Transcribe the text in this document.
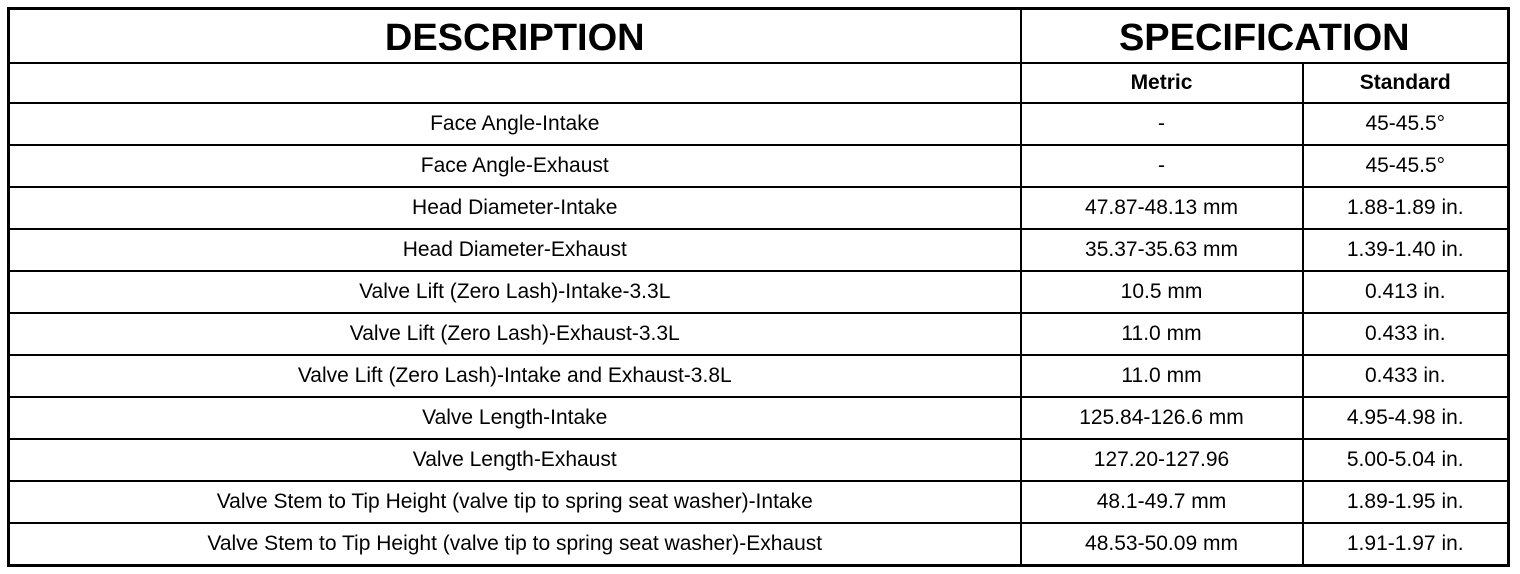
DESCRIPTION	SPECIFICATION	
	Metric	Standard
Face Angle-Intake	-	45-45.5°
Face Angle-Exhaust	-	45-45.5°
Head Diameter-Intake	47.87-48.13 mm	1.88-1.89 in.
Head Diameter-Exhaust	35.37-35.63 mm	1.39-1.40 in.
Valve Lift (Zero Lash)-Intake-3.3L	10.5 mm	0.413 in.
Valve Lift (Zero Lash)-Exhaust-3.3L	11.0 mm	0.433 in.
Valve Lift (Zero Lash)-Intake and Exhaust-3.8L	11.0 mm	0.433 in.
Valve Length-Intake	125.84-126.6 mm	4.95-4.98 in.
Valve Length-Exhaust	127.20-127.96	5.00-5.04 in.
Valve Stem to Tip Height (valve tip to spring seat washer)-Intake	48.1-49.7 mm	1.89-1.95 in.
Valve Stem to Tip Height (valve tip to spring seat washer)-Exhaust	48.53-50.09 mm	1.91-1.97 in.
